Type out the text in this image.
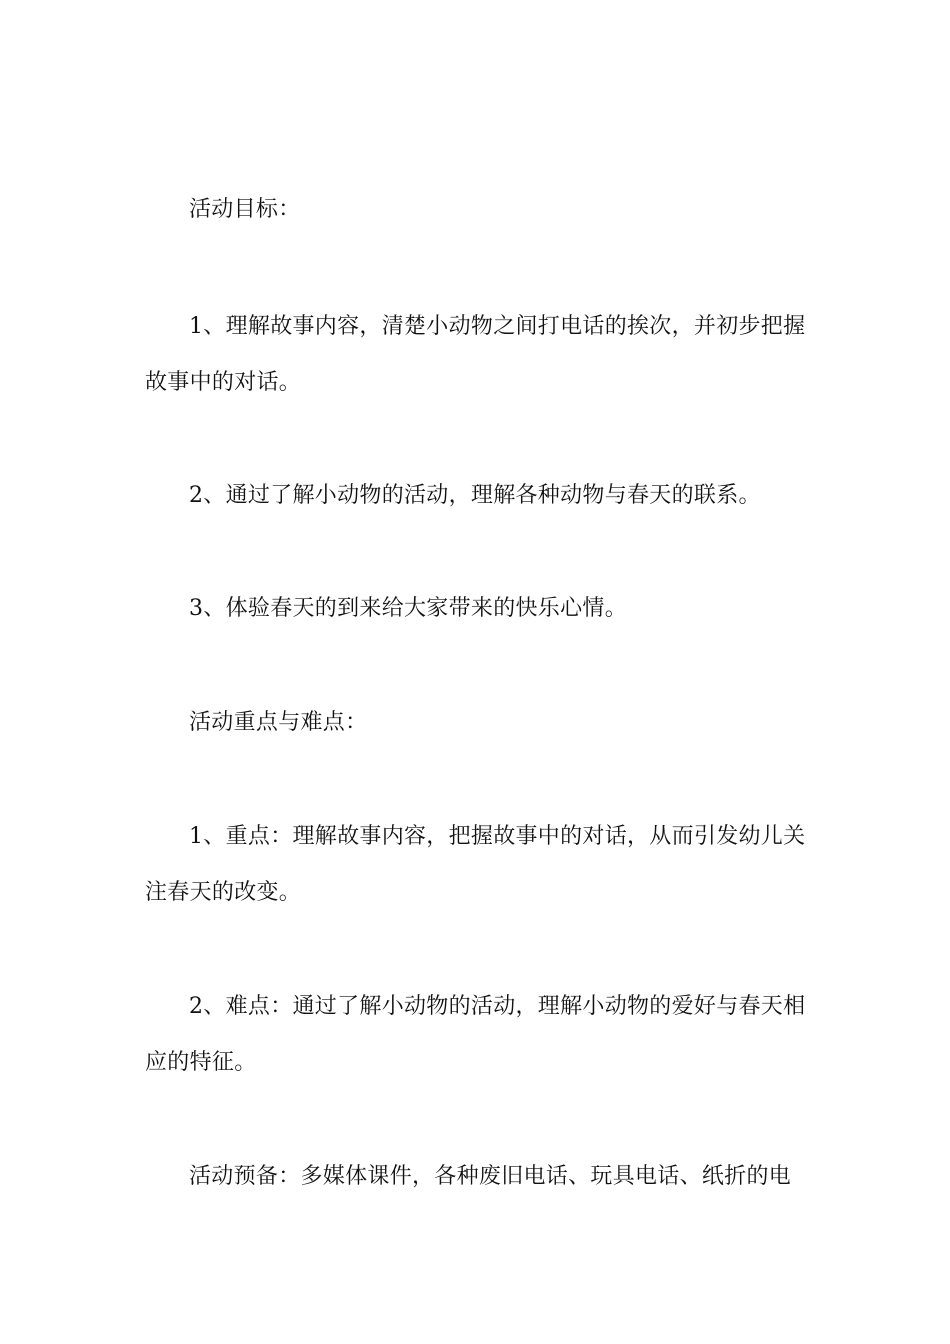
活动目标：
1、理解故事内容，清楚小动物之间打电话的挨次，并初步把握
故事中的对话。
2、通过了解小动物的活动，理解各种动物与春天的联系。
3、体验春天的到来给大家带来的快乐心情。
活动重点与难点：
1、重点：理解故事内容，把握故事中的对话，从而引发幼儿关
注春天的改变。
2、难点：通过了解小动物的活动，理解小动物的爱好与春天相
应的特征。
活动预备：多媒体课件，各种废旧电话、玩具电话、纸折的电
